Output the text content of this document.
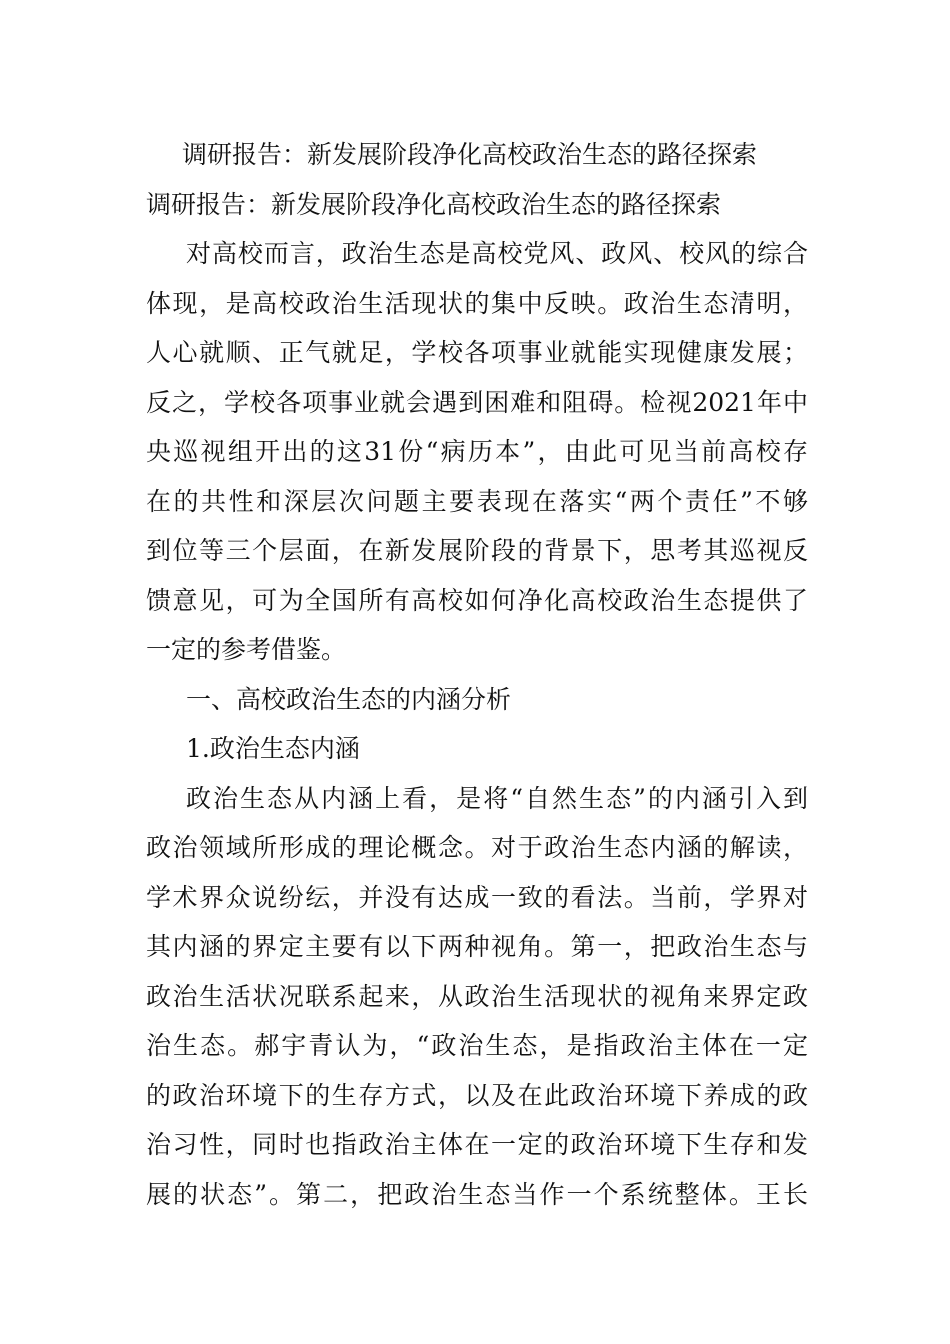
调研报告：新发展阶段净化高校政治生态的路径探索
调研报告：新发展阶段净化高校政治生态的路径探索
对高校而言，政治生态是高校党风、政风、校风的综合
体现，是高校政治生活现状的集中反映。政治生态清明，
人心就顺、正气就足，学校各项事业就能实现健康发展；
反之，学校各项事业就会遇到困难和阻碍。检视2021年中
央巡视组开出的这31份“病历本”，由此可见当前高校存
在的共性和深层次问题主要表现在落实“两个责任”不够
到位等三个层面，在新发展阶段的背景下，思考其巡视反
馈意见，可为全国所有高校如何净化高校政治生态提供了
一定的参考借鉴。
一、高校政治生态的内涵分析
1.政治生态内涵
政治生态从内涵上看，是将“自然生态”的内涵引入到
政治领域所形成的理论概念。对于政治生态内涵的解读，
学术界众说纷纭，并没有达成一致的看法。当前，学界对
其内涵的界定主要有以下两种视角。第一，把政治生态与
政治生活状况联系起来，从政治生活现状的视角来界定政
治生态。郝宇青认为，“政治生态，是指政治主体在一定
的政治环境下的生存方式，以及在此政治环境下养成的政
治习性，同时也指政治主体在一定的政治环境下生存和发
展的状态”。第二，把政治生态当作一个系统整体。王长
